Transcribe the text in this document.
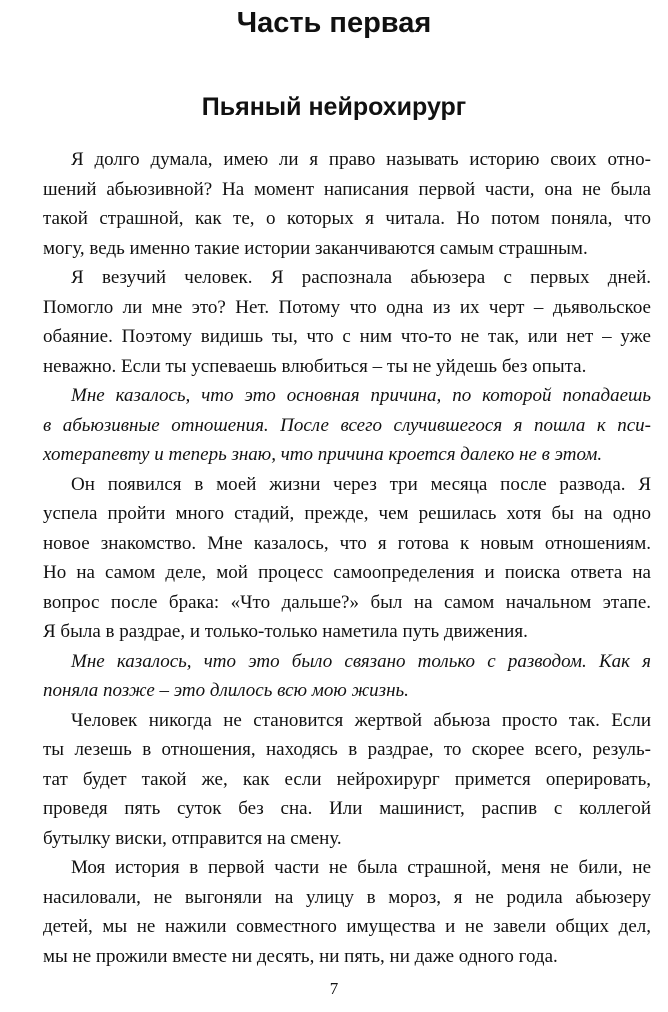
Часть первая
Пьяный нейрохирург
Я долго думала, имею ли я право называть историю своих отно-
шений абьюзивной? На момент написания первой части, она не была
такой страшной, как те, о которых я читала. Но потом поняла, что
могу, ведь именно такие истории заканчиваются самым страшным.
Я везучий человек. Я распознала абьюзера с первых дней.
Помогло ли мне это? Нет. Потому что одна из их черт – дьявольское
обаяние. Поэтому видишь ты, что с ним что-то не так, или нет – уже
неважно. Если ты успеваешь влюбиться – ты не уйдешь без опыта.
Мне казалось, что это основная причина, по которой попадаешь
в абьюзивные отношения. После всего случившегося я пошла к пси-
хотерапевту и теперь знаю, что причина кроется далеко не в этом.
Он появился в моей жизни через три месяца после развода. Я
успела пройти много стадий, прежде, чем решилась хотя бы на одно
новое знакомство. Мне казалось, что я готова к новым отношениям.
Но на самом деле, мой процесс самоопределения и поиска ответа на
вопрос после брака: «Что дальше?» был на самом начальном этапе.
Я была в раздрае, и только-только наметила путь движения.
Мне казалось, что это было связано только с разводом. Как я
поняла позже – это длилось всю мою жизнь.
Человек никогда не становится жертвой абьюза просто так. Если
ты лезешь в отношения, находясь в раздрае, то скорее всего, резуль-
тат будет такой же, как если нейрохирург примется оперировать,
проведя пять суток без сна. Или машинист, распив с коллегой
бутылку виски, отправится на смену.
Моя история в первой части не была страшной, меня не били, не
насиловали, не выгоняли на улицу в мороз, я не родила абьюзеру
детей, мы не нажили совместного имущества и не завели общих дел,
мы не прожили вместе ни десять, ни пять, ни даже одного года.
7
